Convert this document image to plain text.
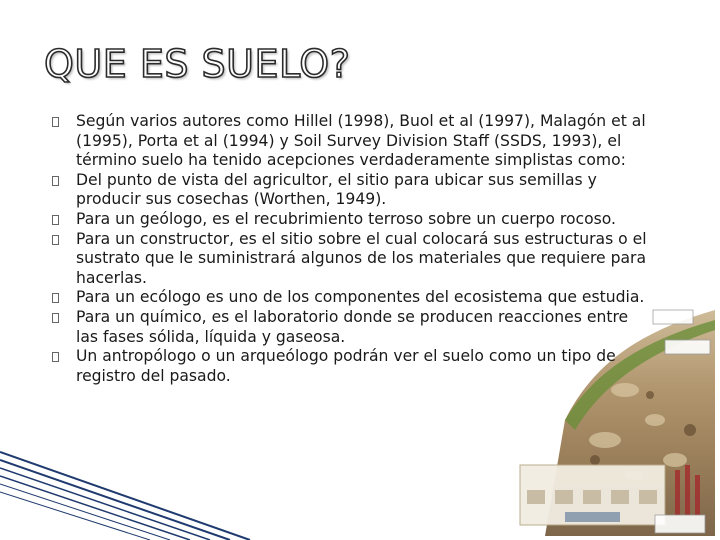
QUE ES SUELO?
Según varios autores como Hillel (1998), Buol et al (1997), Malagón et al (1995), Porta et al (1994) y Soil Survey Division Staff (SSDS, 1993), el término suelo ha tenido acepciones verdaderamente simplistas como:
Del punto de vista del agricultor, el sitio para ubicar sus semillas y producir sus cosechas (Worthen, 1949).
Para un geólogo, es el recubrimiento terroso sobre un cuerpo rocoso.
Para un constructor, es el sitio sobre el cual colocará sus estructuras o el sustrato que le suministrará algunos de los materiales que requiere para hacerlas.
Para un ecólogo es uno de los componentes del ecosistema que estudia.
Para un químico, es el laboratorio donde se producen reacciones entre las fases sólida, líquida y gaseosa.
Un antropólogo o un arqueólogo podrán ver el suelo como un tipo de registro del pasado.
